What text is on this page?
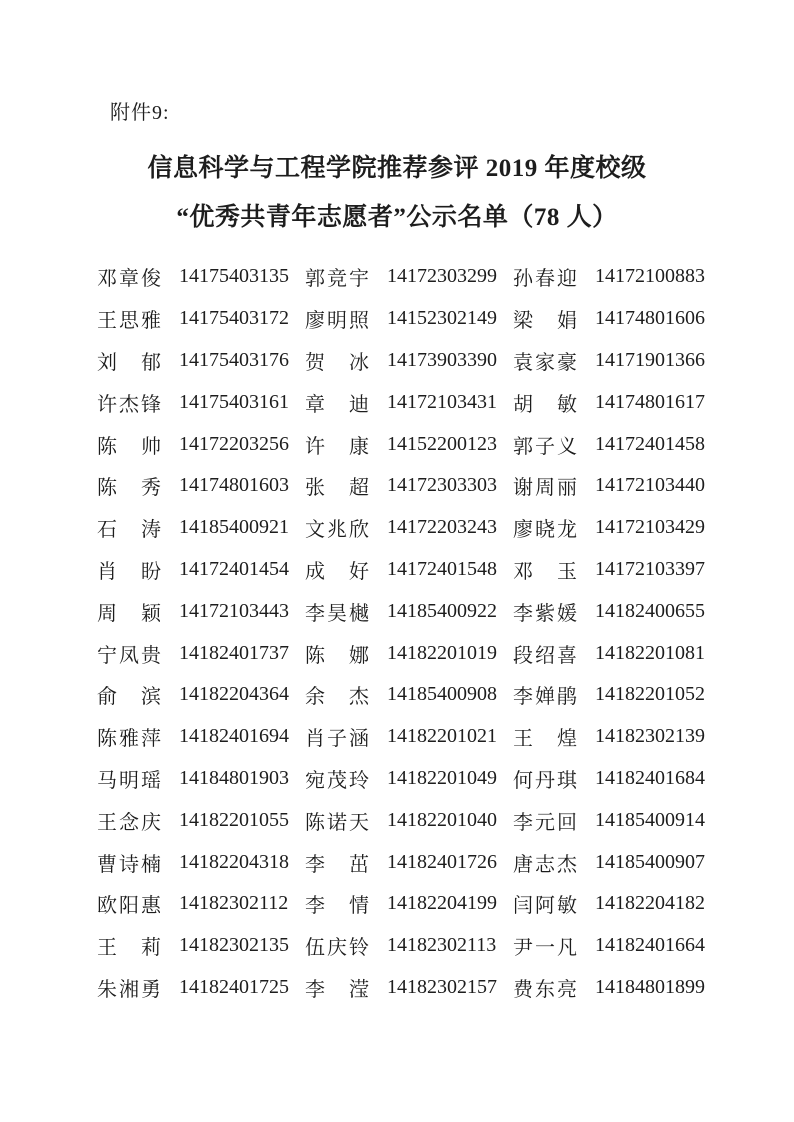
附件9:
信息科学与工程学院推荐参评 2019 年度校级
“优秀共青年志愿者”公示名单（78 人）
邓章俊 14175403135 郭竞宇 14172303299 孙春迎 14172100883
王思雅 14175403172 廖明照 14152302149 梁　娟 14174801606
刘　郁 14175403176 贺　冰 14173903390 袁家豪 14171901366
许杰锋 14175403161 章　迪 14172103431 胡　敏 14174801617
陈　帅 14172203256 许　康 14152200123 郭子义 14172401458
陈　秀 14174801603 张　超 14172303303 谢周丽 14172103440
石　涛 14185400921 文兆欣 14172203243 廖晓龙 14172103429
肖　盼 14172401454 成　好 14172401548 邓　玉 14172103397
周　颖 14172103443 李昊樾 14185400922 李紫媛 14182400655
宁凤贵 14182401737 陈　娜 14182201019 段绍喜 14182201081
俞　滨 14182204364 余　杰 14185400908 李婵鹃 14182201052
陈雅萍 14182401694 肖子涵 14182201021 王　煌 14182302139
马明瑶 14184801903 宛茂玲 14182201049 何丹琪 14182401684
王念庆 14182201055 陈诺天 14182201040 李元回 14185400914
曹诗楠 14182204318 李　茁 14182401726 唐志杰 14185400907
欧阳惠 14182302112 李　情 14182204199 闫阿敏 14182204182
王　莉 14182302135 伍庆铃 14182302113 尹一凡 14182401664
朱湘勇 14182401725 李　滢 14182302157 费东亮 14184801899
